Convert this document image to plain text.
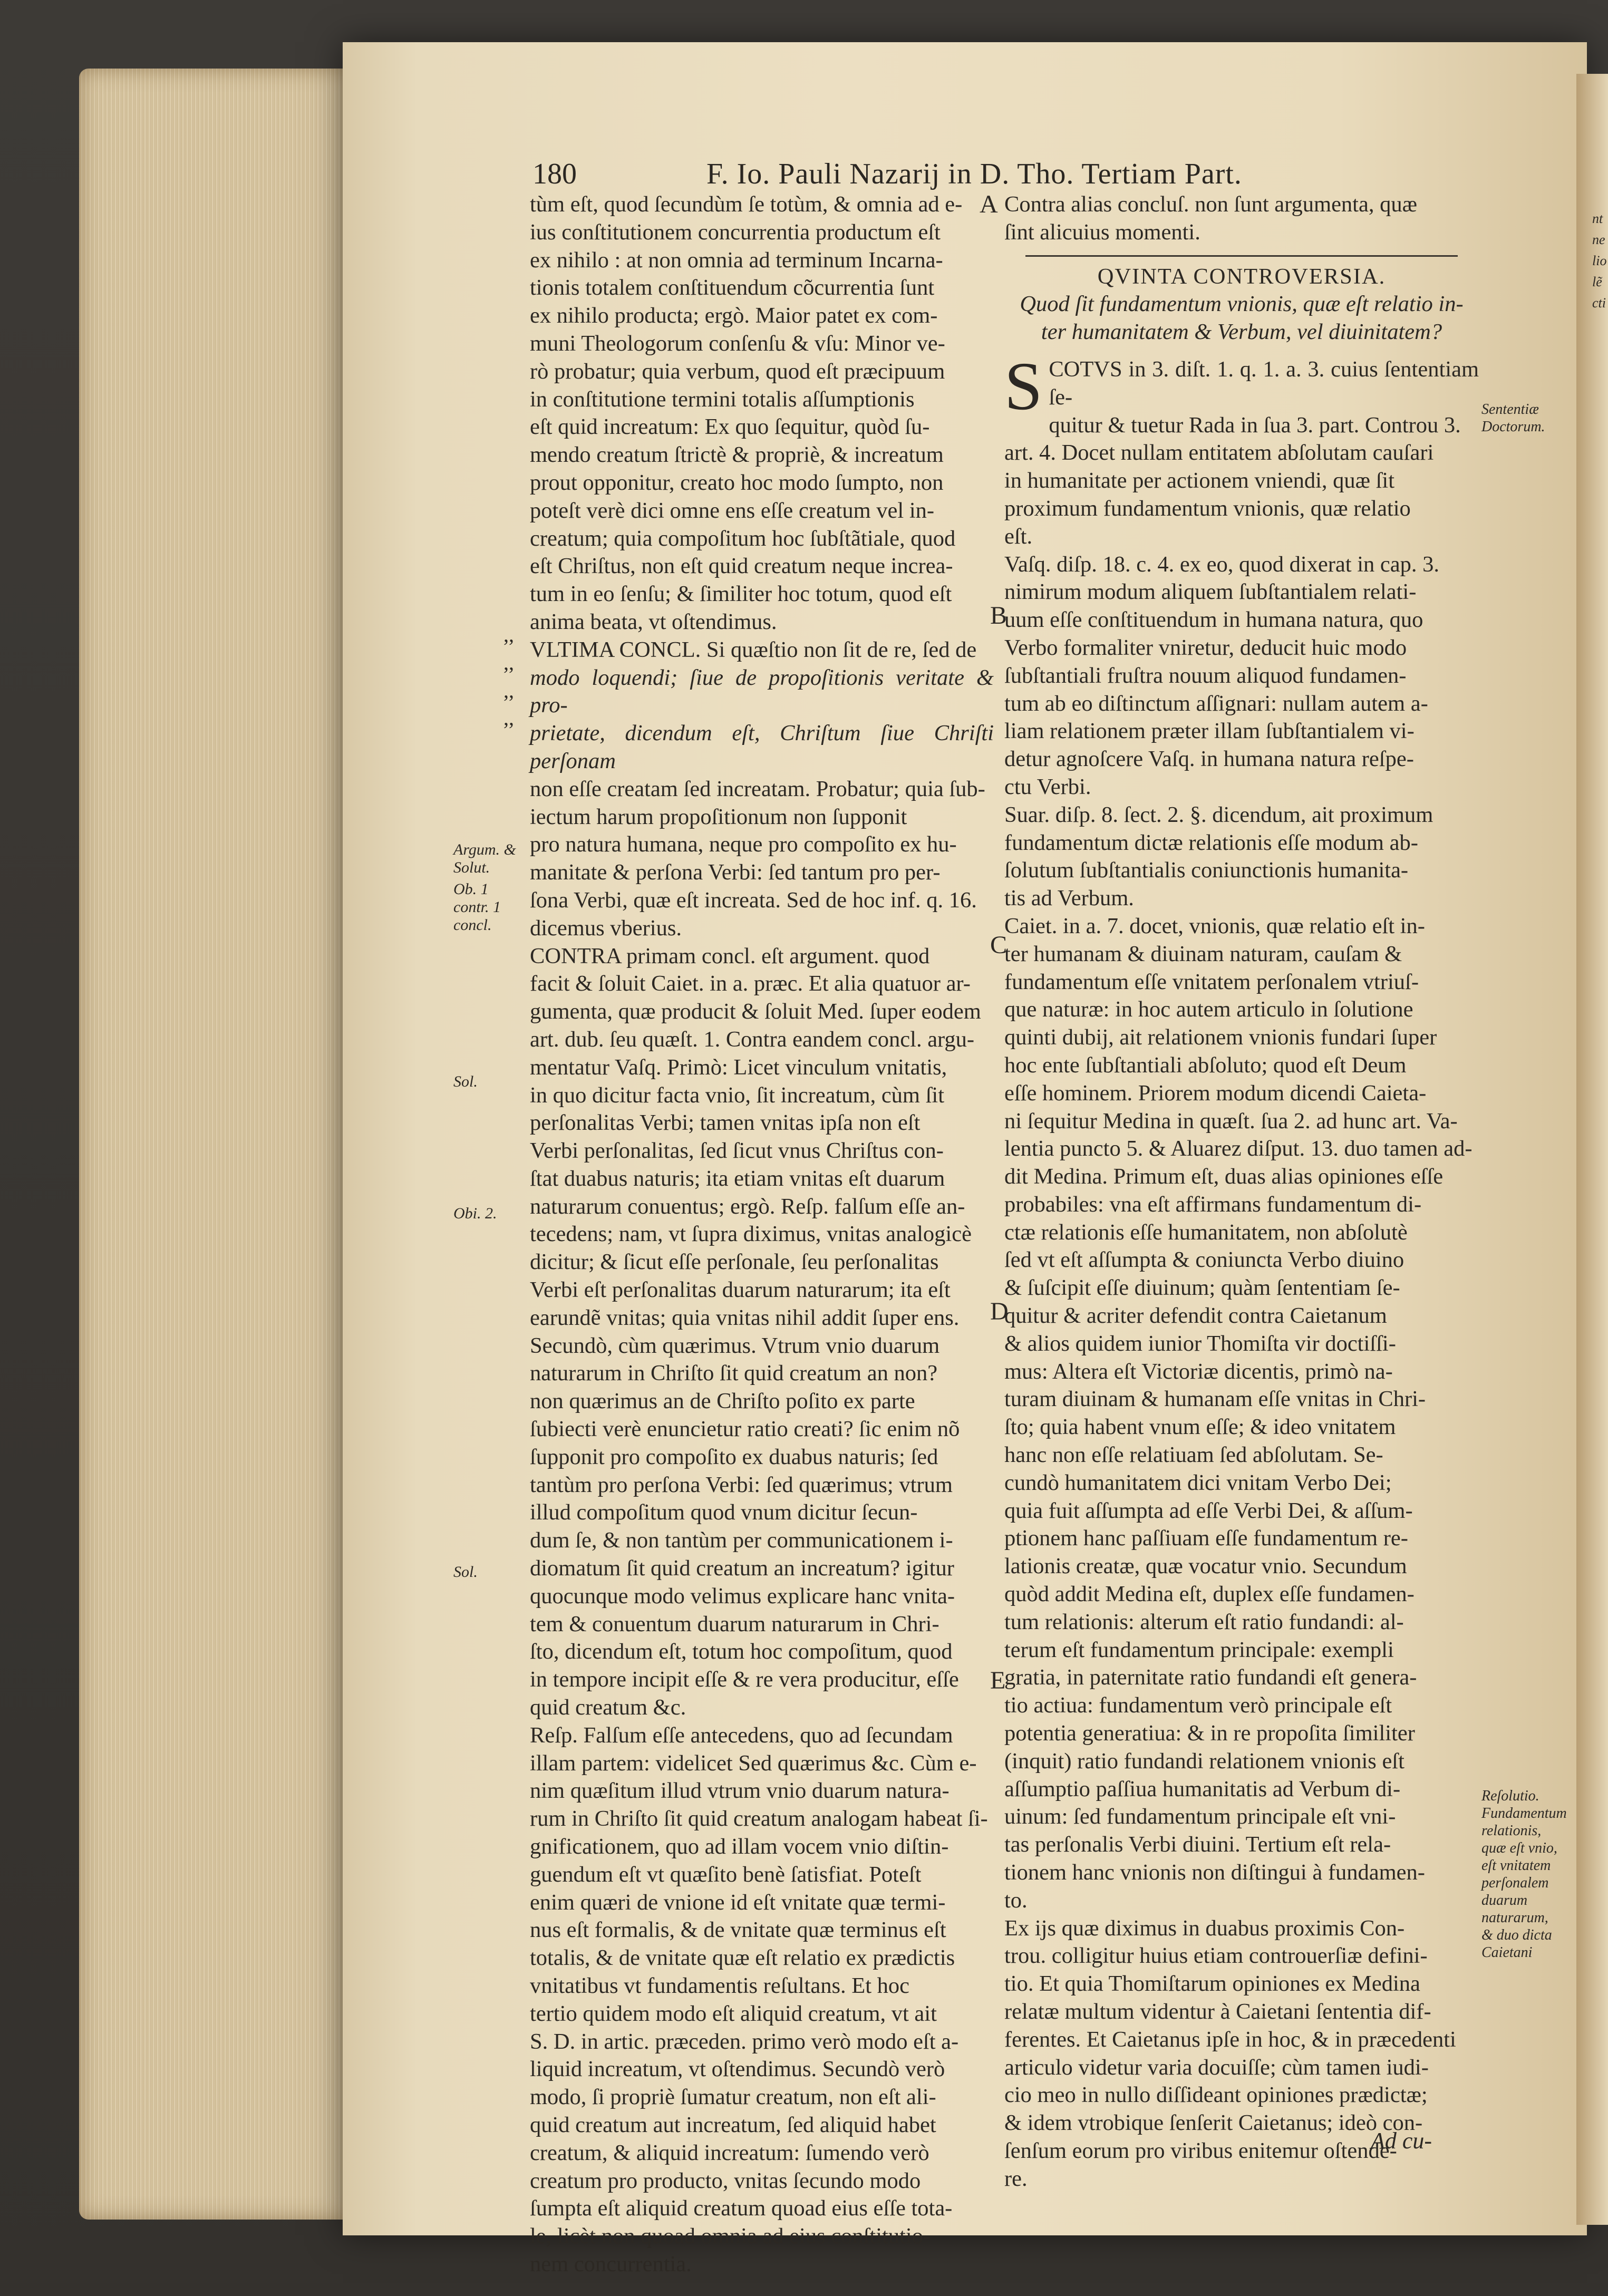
180	F. Io. Pauli Nazarij in D. Tho. Tertiam Part.
,,
,,
,,
,,

tùm eſt, quod ſecundùm ſe totùm, & omnia ad e-

ius conſtitutionem concurrentia productum eſt

ex nihilo : at non omnia ad terminum Incarna-

tionis totalem conſtituendum cõcurrentia ſunt

ex nihilo producta; ergò. Maior patet ex com-

muni Theologorum conſenſu & vſu: Minor ve-

rò probatur; quia verbum, quod eſt præcipuum

in conſtitutione termini totalis aſſumptionis

eſt quid increatum: Ex quo ſequitur, quòd ſu-

mendo creatum ſtrictè & propriè, & increatum

prout opponitur, creato hoc modo ſumpto, non

poteſt verè dici omne ens eſſe creatum vel in-

creatum; quia compoſitum hoc ſubſtãtiale, quod

eſt Chriſtus, non eſt quid creatum neque increa-

tum in eo ſenſu; & ſimiliter hoc totum, quod eſt

anima beata, vt oſtendimus.

VLTIMA CONCL. Si quæſtio non ſit de re, ſed de

modo loquendi; ſiue de propoſitionis veritate & pro-

prietate, dicendum eſt, Chriſtum ſiue Chriſti perſonam

non eſſe creatam ſed increatam. Probatur; quia ſub-

iectum harum propoſitionum non ſupponit

pro natura humana, neque pro compoſito ex hu-

manitate & perſona Verbi: ſed tantum pro per-

ſona Verbi, quæ eſt increata. Sed de hoc inf. q. 16.

dicemus vberius.

CONTRA primam concl. eſt argument. quod

facit & ſoluit Caiet. in a. præc. Et alia quatuor ar-

gumenta, quæ producit & ſoluit Med. ſuper eodem

art. dub. ſeu quæſt. 1. Contra eandem concl. argu-

mentatur Vaſq. Primò: Licet vinculum vnitatis,

in quo dicitur facta vnio, ſit increatum, cùm ſit

perſonalitas Verbi; tamen vnitas ipſa non eſt

Verbi perſonalitas, ſed ſicut vnus Chriſtus con-

ſtat duabus naturis; ita etiam vnitas eſt duarum

naturarum conuentus; ergò. Reſp. falſum eſſe an-

tecedens; nam, vt ſupra diximus, vnitas analogicè

dicitur; & ſicut eſſe perſonale, ſeu perſonalitas

Verbi eſt perſonalitas duarum naturarum; ita eſt

earundẽ vnitas; quia vnitas nihil addit ſuper ens.

Secundò, cùm quærimus. Vtrum vnio duarum

naturarum in Chriſto ſit quid creatum an non?

non quærimus an de Chriſto poſito ex parte

ſubiecti verè enuncietur ratio creati? ſic enim nõ

ſupponit pro compoſito ex duabus naturis; ſed

tantùm pro perſona Verbi: ſed quærimus; vtrum

illud compoſitum quod vnum dicitur ſecun-

dum ſe, & non tantùm per communicationem i-

diomatum ſit quid creatum an increatum? igitur

quocunque modo velimus explicare hanc vnita-

tem & conuentum duarum naturarum in Chri-

ſto, dicendum eſt, totum hoc compoſitum, quod

in tempore incipit eſſe & re vera producitur, eſſe

quid creatum &c.

Reſp. Falſum eſſe antecedens, quo ad ſecundam

illam partem: videlicet Sed quærimus &c. Cùm e-

nim quæſitum illud vtrum vnio duarum natura-

rum in Chriſto ſit quid creatum analogam habeat ſi-

gnificationem, quo ad illam vocem vnio diſtin-

guendum eſt vt quæſito benè ſatisfiat. Poteſt

enim quæri de vnione id eſt vnitate quæ termi-

nus eſt formalis, & de vnitate quæ terminus eſt

totalis, & de vnitate quæ eſt relatio ex prædictis

vnitatibus vt fundamentis reſultans. Et hoc

tertio quidem modo eſt aliquid creatum, vt ait

S. D. in artic. præceden. primo verò modo eſt a-

liquid increatum, vt oſtendimus. Secundò verò

modo, ſi propriè ſumatur creatum, non eſt ali-

quid creatum aut increatum, ſed aliquid habet

creatum, & aliquid increatum: ſumendo verò

creatum pro producto, vnitas ſecundo modo

ſumpta eſt aliquid creatum quoad eius eſſe tota-

le, licèt non quoad omnia ad eius conſtitutio-

nem concurrentia.

Contra alias concluſ. non ſunt argumenta, quæ

ſint alicuius momenti.

QVINTA CONTROVERSIA.

Quod ſit fundamentum vnionis, quæ eſt relatio in-

ter humanitatem & Verbum, vel diuinitatem?

S COTVS in 3. diſt. 1. q. 1. a. 3. cuius ſententiam ſe-

quitur & tuetur Rada in ſua 3. part. Controu 3.

art. 4. Docet nullam entitatem abſolutam cauſari

in humanitate per actionem vniendi, quæ ſit

proximum fundamentum vnionis, quæ relatio

eſt.

Vaſq. diſp. 18. c. 4. ex eo, quod dixerat in cap. 3.

nimirum modum aliquem ſubſtantialem relati-

uum eſſe conſtituendum in humana natura, quo

Verbo formaliter vniretur, deducit huic modo

ſubſtantiali fruſtra nouum aliquod fundamen-

tum ab eo diſtinctum aſſignari: nullam autem a-

liam relationem præter illam ſubſtantialem vi-

detur agnoſcere Vaſq. in humana natura reſpe-

ctu Verbi.

Suar. diſp. 8. ſect. 2. §. dicendum, ait proximum

fundamentum dictæ relationis eſſe modum ab-

ſolutum ſubſtantialis coniunctionis humanita-

tis ad Verbum.

Caiet. in a. 7. docet, vnionis, quæ relatio eſt in-

ter humanam & diuinam naturam, cauſam &

fundamentum eſſe vnitatem perſonalem vtriuſ-

que naturæ: in hoc autem articulo in ſolutione

quinti dubij, ait relationem vnionis fundari ſuper

hoc ente ſubſtantiali abſoluto; quod eſt Deum

eſſe hominem. Priorem modum dicendi Caieta-

ni ſequitur Medina in quæſt. ſua 2. ad hunc art. Va-

lentia puncto 5. & Aluarez diſput. 13. duo tamen ad-

dit Medina. Primum eſt, duas alias opiniones eſſe

probabiles: vna eſt affirmans fundamentum di-

ctæ relationis eſſe humanitatem, non abſolutè

ſed vt eſt aſſumpta & coniuncta Verbo diuino

& ſuſcipit eſſe diuinum; quàm ſententiam ſe-

quitur & acriter defendit contra Caietanum

& alios quidem iunior Thomiſta vir doctiſſi-

mus: Altera eſt Victoriæ dicentis, primò na-

turam diuinam & humanam eſſe vnitas in Chri-

ſto; quia habent vnum eſſe; & ideo vnitatem

hanc non eſſe relatiuam ſed abſolutam. Se-

cundò humanitatem dici vnitam Verbo Dei;

quia fuit aſſumpta ad eſſe Verbi Dei, & aſſum-

ptionem hanc paſſiuam eſſe fundamentum re-

lationis creatæ, quæ vocatur vnio. Secundum

quòd addit Medina eſt, duplex eſſe fundamen-

tum relationis: alterum eſt ratio fundandi: al-

terum eſt fundamentum principale: exempli

gratia, in paternitate ratio fundandi eſt genera-

tio actiua: fundamentum verò principale eſt

potentia generatiua: & in re propoſita ſimiliter

(inquit) ratio fundandi relationem vnionis eſt

aſſumptio paſſiua humanitatis ad Verbum di-

uinum: ſed fundamentum principale eſt vni-

tas perſonalis Verbi diuini. Tertium eſt rela-

tionem hanc vnionis non diſtingui à fundamen-

to.

Ex ijs quæ diximus in duabus proximis Con-

trou. colligitur huius etiam controuerſiæ defini-

tio. Et quia Thomiſtarum opiniones ex Medina

relatæ multum videntur à Caietani ſententia dif-

ferentes. Et Caietanus ipſe in hoc, & in præcedenti

articulo videtur varia docuiſſe; cùm tamen iudi-

cio meo in nullo diſſideant opiniones prædictæ;

& idem vtrobique ſenſerit Caietanus; ideò con-

ſenſum eorum pro viribus enitemur oſtende-

re.

A
B
C
D
E
Argum. & Solut.
Ob. 1 contr. 1 concl.
Sol.
Obi. 2.
Sol.
Sententiæ Doctorum.
Reſolutio. Fundamentum relationis, quæ eſt vnio, eſt vnitatem perſonalem duarum naturarum, & duo dicta Caietani
nt
ne
lio
lẽ
cti
Ad cu-
